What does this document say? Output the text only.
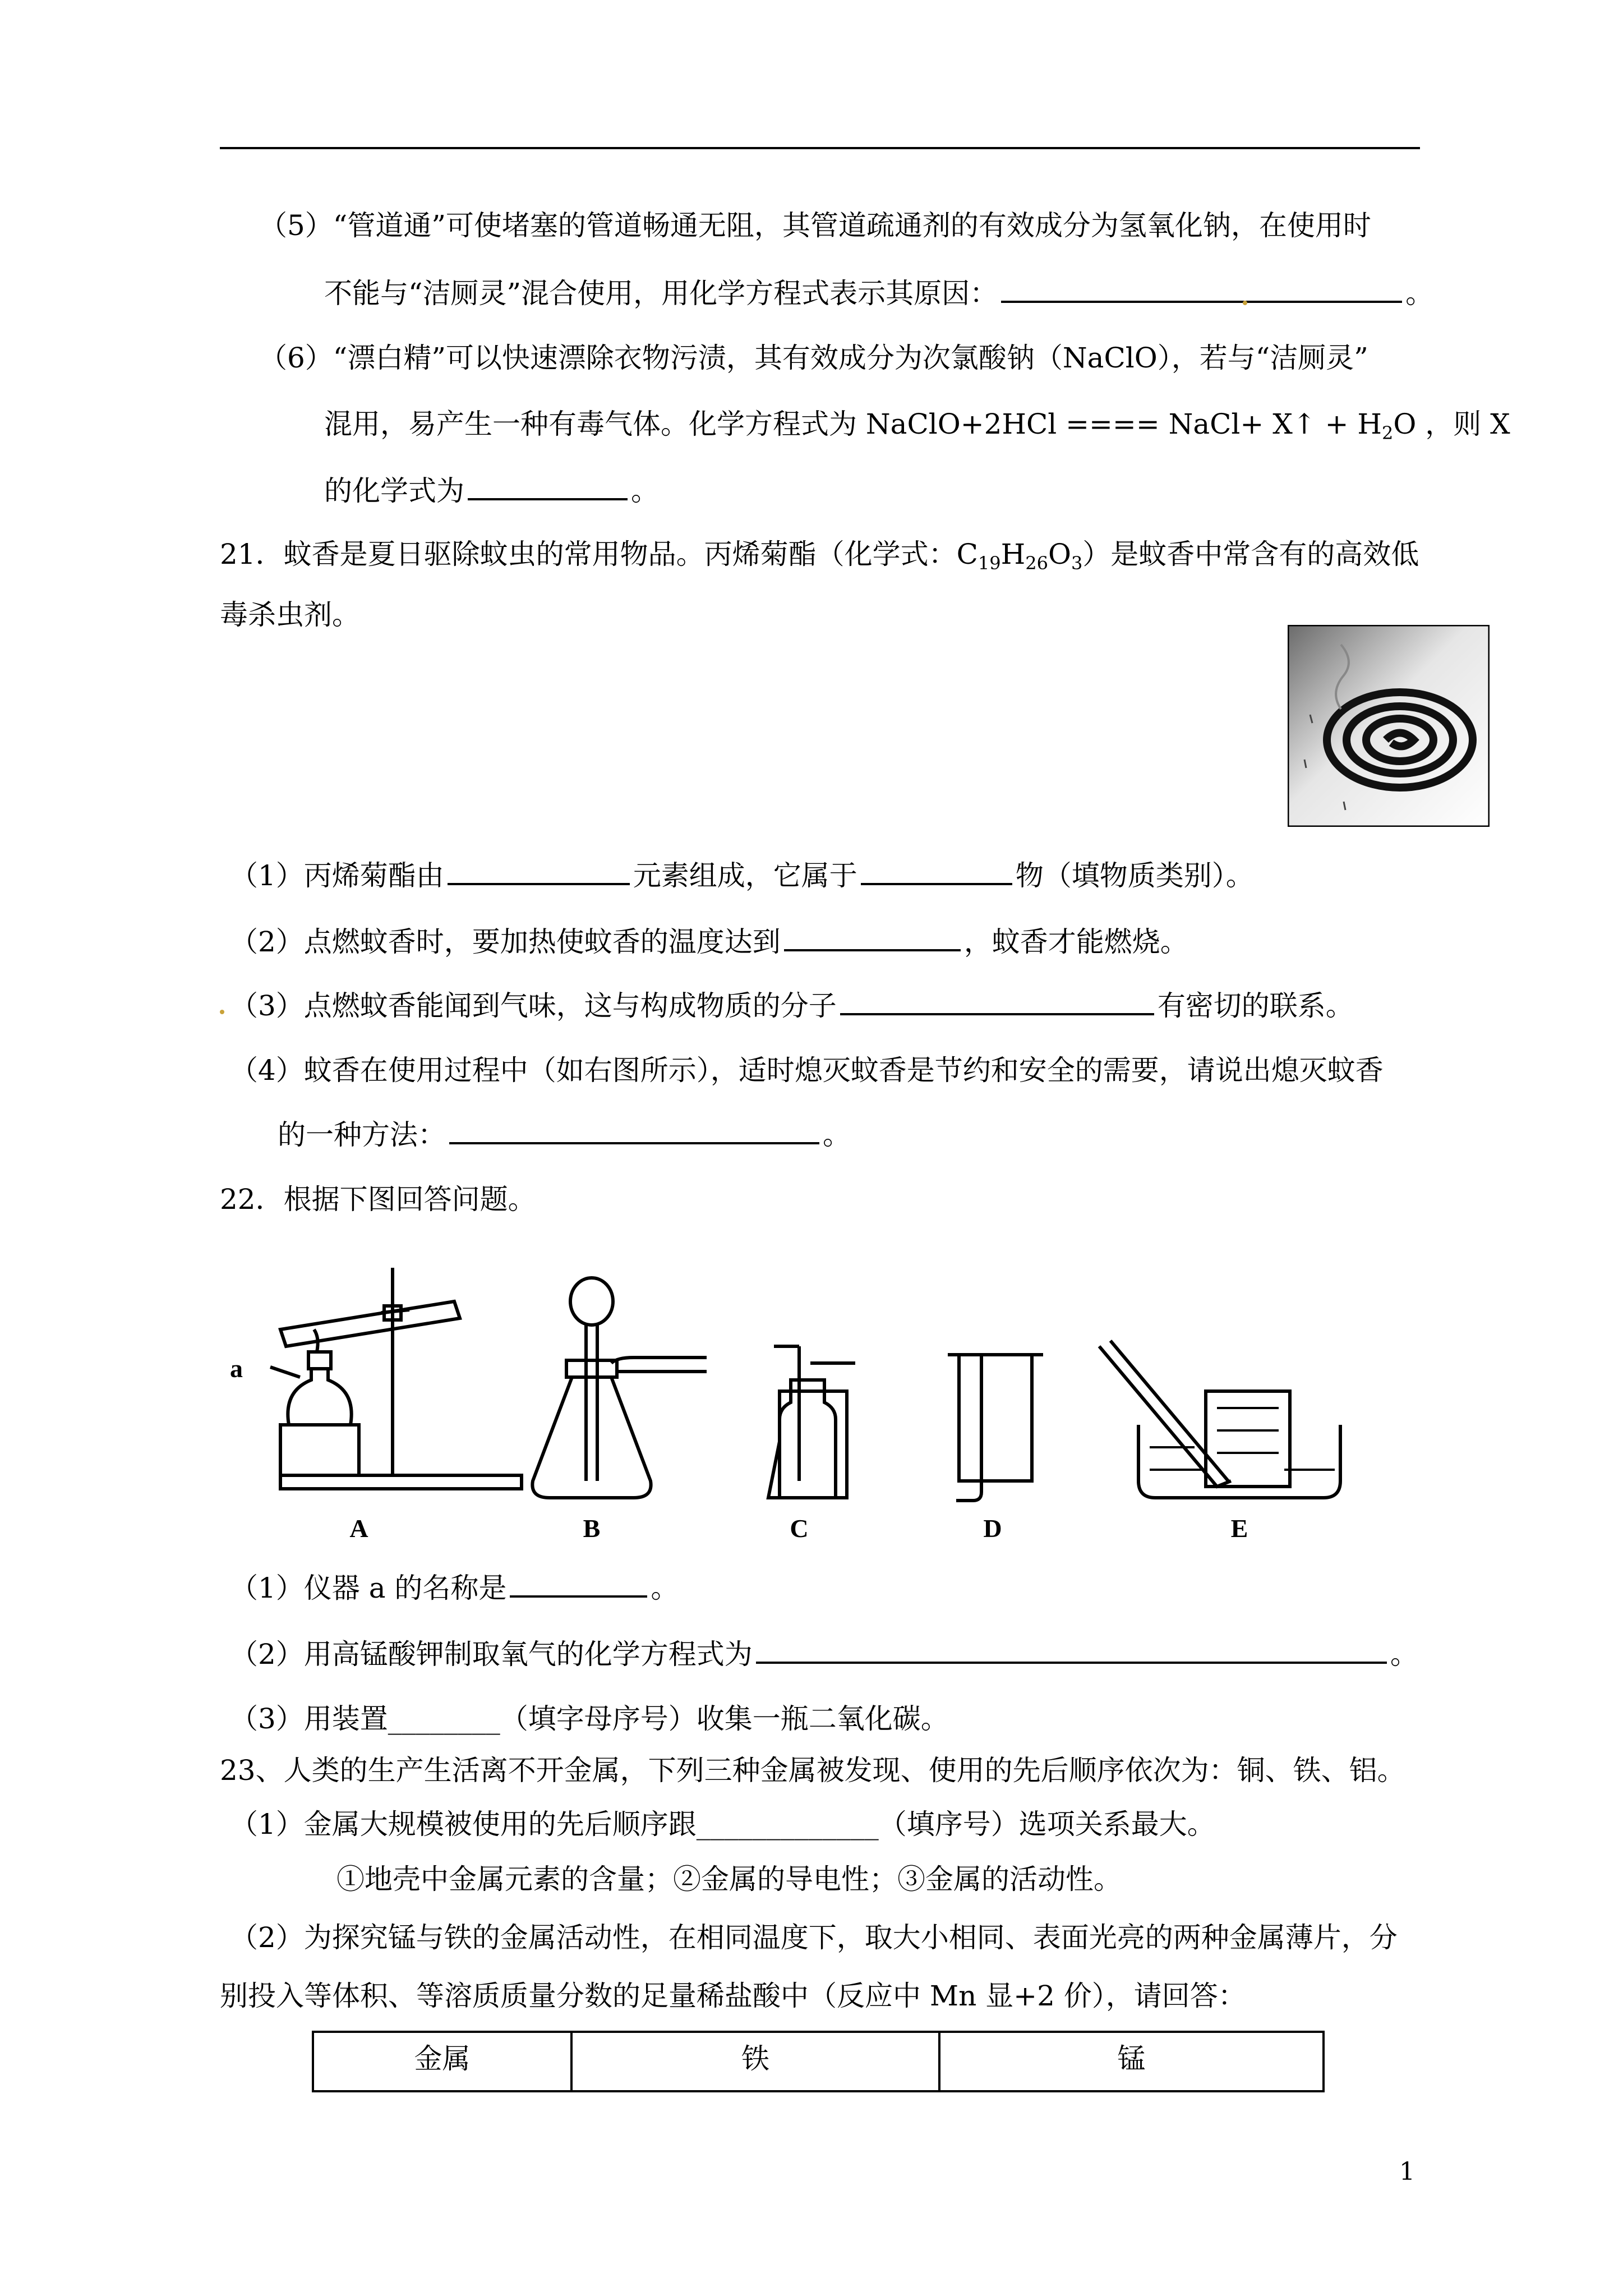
（5）“管道通”可使堵塞的管道畅通无阻，其管道疏通剂的有效成分为氢氧化钠，在使用时
不能与“洁厕灵”混合使用，用化学方程式表示其原因：	。
（6）“漂白精”可以快速漂除衣物污渍，其有效成分为次氯酸钠（NaClO），若与“洁厕灵”
混用，易产生一种有毒气体。化学方程式为 NaClO+2HCl ==== NaCl+ X↑ + $H_2O$ ，则 X
的化学式为	。
21．蚊香是夏日驱除蚊虫的常用物品。丙烯菊酯（化学式：$C_{19}H_{26}O_3$）是蚊香中常含有的高效低
毒杀虫剂。
（1）丙烯菊酯由	元素组成，它属于	物（填物质类别）。
（2）点燃蚊香时，要加热使蚊香的温度达到	，蚊香才能燃烧。
（3）点燃蚊香能闻到气味，这与构成物质的分子	有密切的联系。
（4）蚊香在使用过程中（如右图所示），适时熄灭蚊香是节约和安全的需要，请说出熄灭蚊香
的一种方法：	。
22．根据下图回答问题。
a
A	B	C	D	E
（1）仪器 a 的名称是	。
（2）用高锰酸钾制取氧气的化学方程式为	。
（3）用装置________（填字母序号）收集一瓶二氧化碳。
23、人类的生产生活离不开金属，下列三种金属被发现、使用的先后顺序依次为：铜、铁、铝。
（1）金属大规模被使用的先后顺序跟_____________（填序号）选项关系最大。
①地壳中金属元素的含量；②金属的导电性；③金属的活动性。
（2）为探究锰与铁的金属活动性，在相同温度下，取大小相同、表面光亮的两种金属薄片，分
别投入等体积、等溶质质量分数的足量稀盐酸中（反应中 Mn 显+2 价），请回答：
金属	铁	锰
1
